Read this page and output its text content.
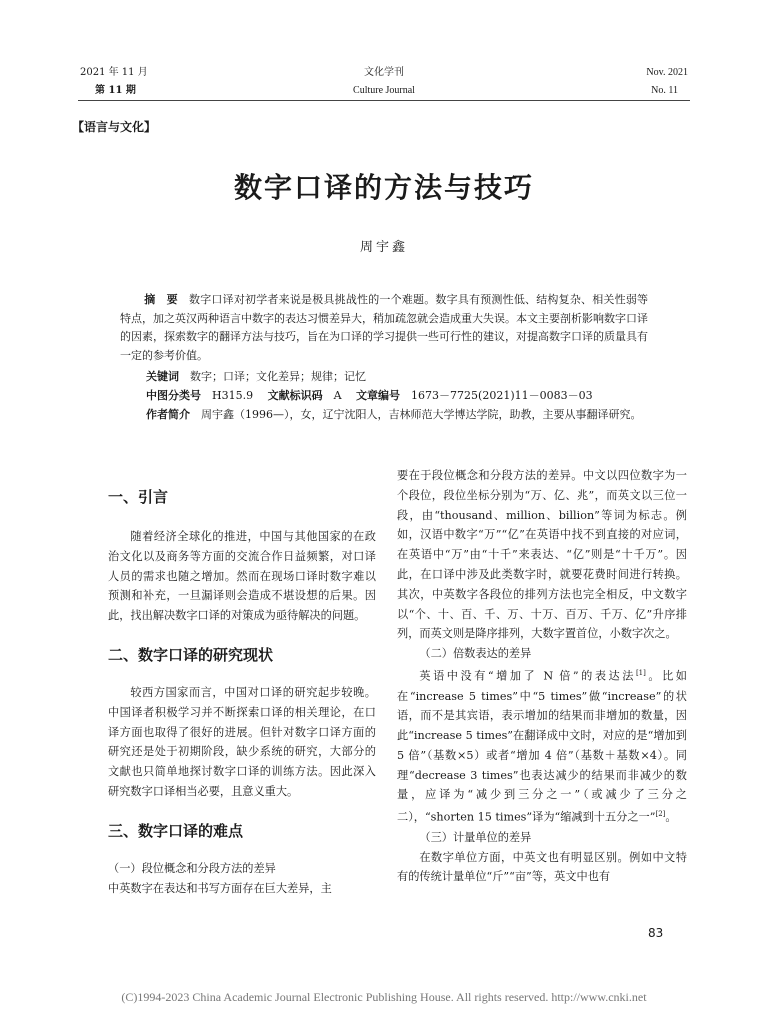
2021 年 11 月
第 11 期
文化学刊
Culture Journal
Nov. 2021
No. 11
【语言与文化】
数字口译的方法与技巧
周宇鑫
摘　要　 数字口译对初学者来说是极具挑战性的一个难题。数字具有预测性低、结构复杂、相关性弱等特点，加之英汉两种语言中数字的表达习惯差异大，稍加疏忽就会造成重大失误。本文主要剖析影响数字口译的因素，探索数字的翻译方法与技巧，旨在为口译的学习提供一些可行性的建议，对提高数字口译的质量具有一定的参考价值。
关键词　 数字；口译；文化差异；规律；记忆
中图分类号　 H315.9 　 文献标识码　 A 　 文章编号　 1673－7725(2021)11－0083－03
作者简介　 周宇鑫（1996—），女，辽宁沈阳人，吉林师范大学博达学院，助教，主要从事翻译研究。
一、引言

随着经济全球化的推进，中国与其他国家的在政治文化以及商务等方面的交流合作日益频繁，对口译人员的需求也随之增加。然而在现场口译时数字难以预测和补充，一旦漏译则会造成不堪设想的后果。因此，找出解决数字口译的对策成为亟待解决的问题。

二、数字口译的研究现状

较西方国家而言，中国对口译的研究起步较晚。中国译者积极学习并不断探索口译的相关理论，在口译方面也取得了很好的进展。但针对数字口译方面的研究还是处于初期阶段，缺少系统的研究，大部分的文献也只简单地探讨数字口译的训练方法。因此深入研究数字口译相当必要，且意义重大。

三、数字口译的难点
（一）段位概念和分段方法的差异

中英数字在表达和书写方面存在巨大差异，主

要在于段位概念和分段方法的差异。中文以四位数字为一个段位，段位坐标分别为“万、亿、兆”，而英文以三位一段，由“thousand、million、billion”等词为标志。例如，汉语中数字“万”“亿”在英语中找不到直接的对应词，在英语中“万”由“十千”来表达、“亿”则是“十千万”。因此，在口译中涉及此类数字时，就要花费时间进行转换。其次，中英数字各段位的排列方法也完全相反，中文数字以“个、十、百、千、万、十万、百万、千万、亿”升序排列，而英文则是降序排列，大数字置首位，小数字次之。

（二）倍数表达的差异

英语中没有“增加了 N 倍”的表达法[1]。比如在“increase 5 times”中“5 times”做“increase”的状语，而不是其宾语，表示增加的结果而非增加的数量，因此“increase 5 times”在翻译成中文时，对应的是“增加到 5 倍”（基数×5）或者“增加 4 倍”（基数＋基数×4）。同理“decrease 3 times”也表达减少的结果而非减少的数量，应译为“减少到三分之一”（或减少了三分之二），“shorten 15 times”译为“缩减到十五分之一”[2]。

（三）计量单位的差异

在数字单位方面，中英文也有明显区别。例如中文特有的传统计量单位“斤”“亩”等，英文中也有

83
(C)1994-2023 China Academic Journal Electronic Publishing House. All rights reserved. http://www.cnki.net
